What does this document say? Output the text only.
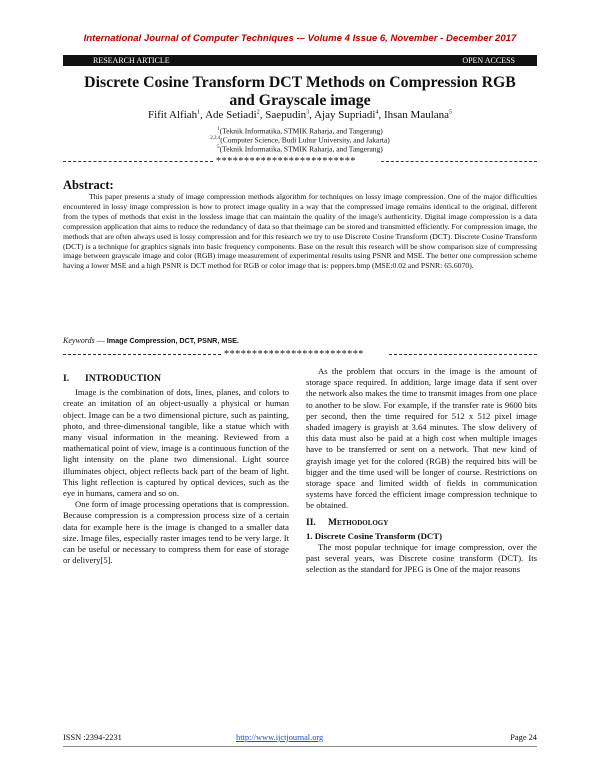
International Journal of Computer Techniques -– Volume 4 Issue 6, November - December 2017
RESEARCH ARTICLE	OPEN ACCESS
Discrete Cosine Transform DCT Methods on Compression RGB
and Grayscale image
Fifit Alfiah$^1$, Ade Setiadi$^2$, Saepudin$^3$, Ajay Supriadi$^4$, Ihsan Maulana$^5$
$^1$(Teknik Informatika, STMIK Raharja, and Tangerang)
$^{2,3,4}$(Computer Science, Budi Luhur University, and Jakarta)
$^5$(Teknik Informatika, STMIK Raharja, and Tangerang)
*************************
Abstract:
This paper presents a study of image compression methods algorithm for techniques on lossy image compression. One of the major difficulties encountered in lossy image compression is how to protect image quality in a way that the compressed image remains identical to the original, different from the types of methods that exist in the lossless image that can maintain the quality of the image's authenticity. Digital image compression is a data compression application that aims to reduce the redundancy of data so that theimage can be stored and transmitted efficiently. For compression image, the methods that are often always used is lossy compression and for this research we try to use Discrete Cosine Transform (DCT). Discrete Cosine Transform (DCT) is a technique for graphics signals into basic frequency components. Base on the result this research will be show comparison size of compressing image between grayscale image and color (RGB) image measurement of experimental results using PSNR and MSE. The better one compression scheme having a lower MSE and a high PSNR is DCT method for RGB or color image that is: peppers.bmp (MSE:0.02 and PSNR: 65.6070).
Keywords — Image Compression, DCT, PSNR, MSE.
*************************
I. INTRODUCTION

Image is the combination of dots, lines, planes, and colors to create an imitation of an object-usually a physical or human object. Image can be a two dimensional picture, such as painting, photo, and three-dimensional tangible, like a statue which with many visual information in the meaning. Reviewed from a mathematical point of view, image is a continuous function of the light intensity on the plane two dimensional. Light source illuminates object, object reflects back part of the beam of light. This light reflection is captured by optical devices, such as the eye in humans, camera and so on.

One form of image processing operations that is compression. Because compression is a compression process size of a certain data for example here is the image is changed to a smaller data size. Image files, especially raster images tend to be very large. It can be useful or necessary to compress them for ease of storage or delivery[5].

As the problem that occurs in the image is the amount of storage space required. In addition, large image data if sent over the network also makes the time to transmit images from one place to another to be slow. For example, if the transfer rate is 9600 bits per second, then the time required for 512 x 512 pixel image shaded imagery is grayish at 3.64 minutes. The slow delivery of this data must also be paid at a high cost when multiple images have to be transferred or sent on a network. That new kind of grayish image yet for the colored (RGB) the required bits will be bigger and the time used will be longer of course. Restrictions on storage space and limited width of fields in communication systems have forced the efficient image compression technique to be obtained.

II. Methodology
1. Discrete Cosine Transform (DCT)

The most popular technique for image compression, over the past several years, was Discrete cosine transform (DCT). Its selection as the standard for JPEG is One of the major reasons

ISSN :2394-2231	http://www.ijctjournal.org	Page 24
